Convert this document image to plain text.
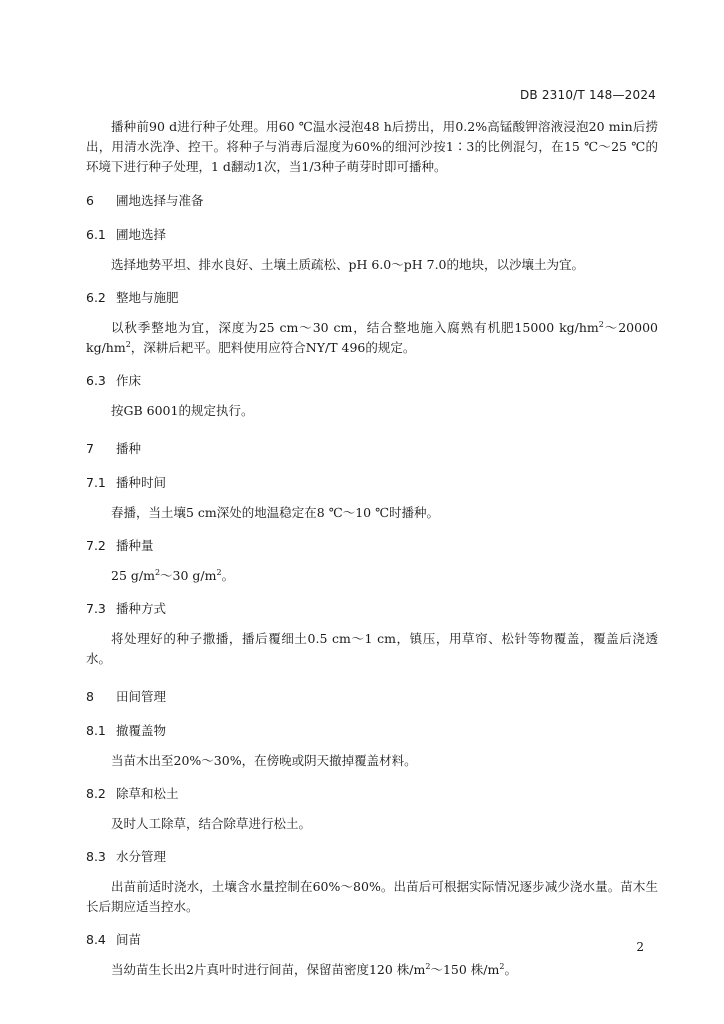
DB 2310/T 148—2024

播种前90 d进行种子处理。用60 ℃温水浸泡48 h后捞出，用0.2%高锰酸钾溶液浸泡20 min后捞出，用清水洗净、控干。将种子与消毒后湿度为60%的细河沙按1∶3的比例混匀，在15 ℃～25 ℃的环境下进行种子处理，1 d翻动1次，当1/3种子萌芽时即可播种。

6 圃地选择与准备
6.1 圃地选择

选择地势平坦、排水良好、土壤土质疏松、pH 6.0～pH 7.0的地块，以沙壤土为宜。

6.2 整地与施肥

以秋季整地为宜，深度为25 cm～30 cm，结合整地施入腐熟有机肥15000 $kg/hm^2\sim 20000$ $kg/hm^2$，深耕后耙平。肥料使用应符合NY/T 496的规定。

6.3 作床

按GB 6001的规定执行。

7 播种
7.1 播种时间

春播，当土壤5 cm深处的地温稳定在8 ℃～10 ℃时播种。

7.2 播种量

25 $g/m^2\sim 30$ $g/m^2$。

7.3 播种方式

将处理好的种子撒播，播后覆细土0.5 cm～1 cm，镇压，用草帘、松针等物覆盖，覆盖后浇透水。

8 田间管理
8.1 撤覆盖物

当苗木出至20%～30%，在傍晚或阴天撤掉覆盖材料。

8.2 除草和松土

及时人工除草，结合除草进行松土。

8.3 水分管理

出苗前适时浇水，土壤含水量控制在60%～80%。出苗后可根据实际情况逐步减少浇水量。苗木生长后期应适当控水。

8.4 间苗

当幼苗生长出2片真叶时进行间苗，保留苗密度120 株$/m^2\sim 150$ 株$/m^2$。

2
